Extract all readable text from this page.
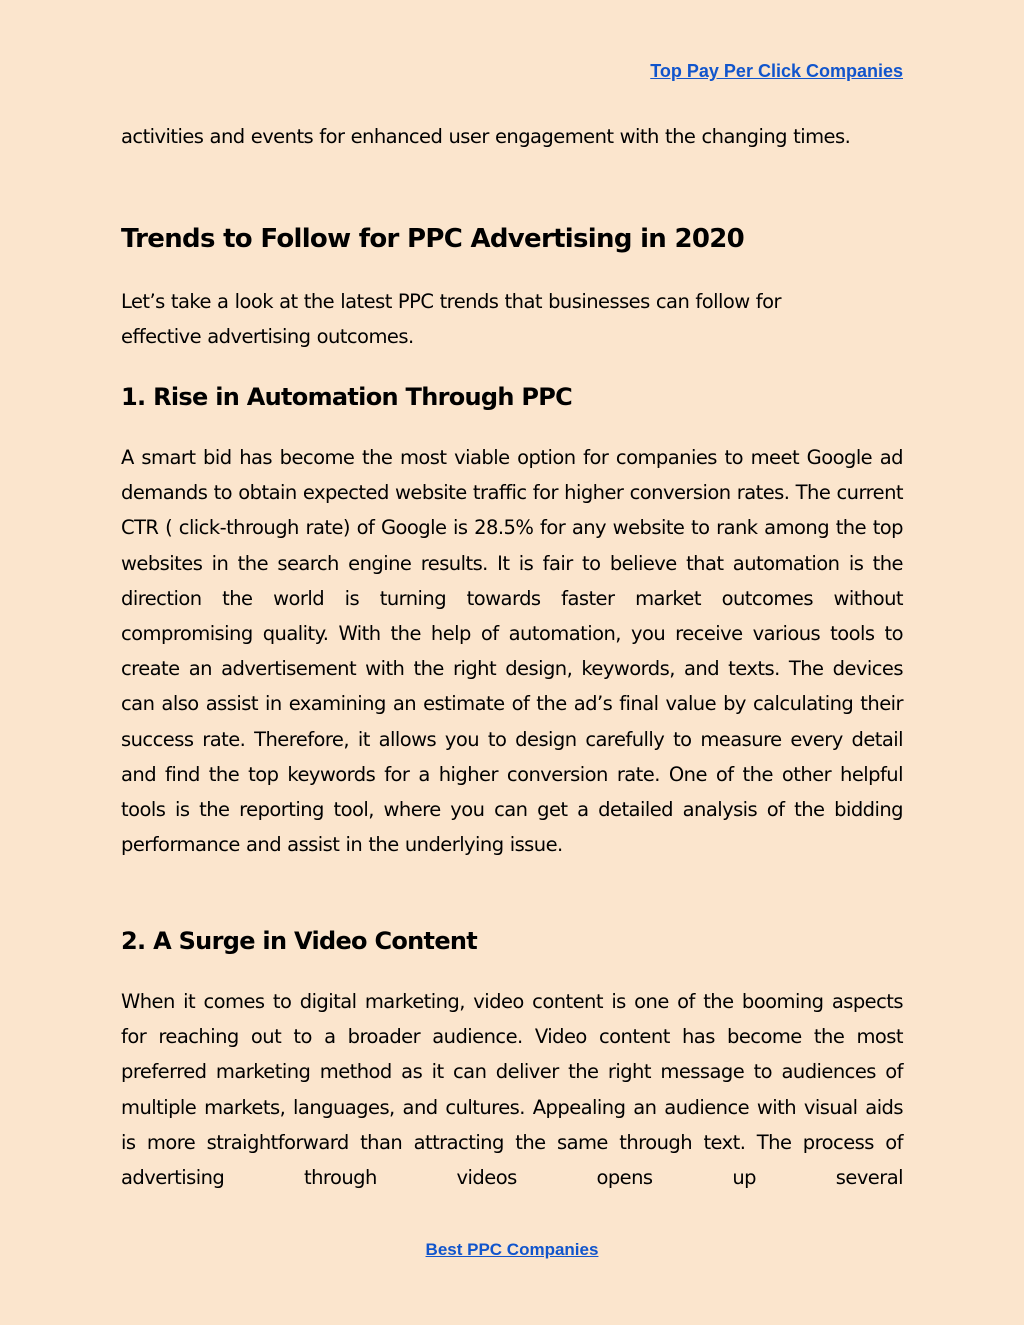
Top Pay Per Click Companies

activities and events for enhanced user engagement with the changing times.

Trends to Follow for PPC Advertising in 2020

Let’s take a look at the latest PPC trends that businesses can follow for effective advertising outcomes.

1. Rise in Automation Through PPC

A smart bid has become the most viable option for companies to meet Google ad demands to obtain expected website traffic for higher conversion rates. The current CTR ( click-through rate) of Google is 28.5% for any website to rank among the top websites in the search engine results. It is fair to believe that automation is the direction the world is turning towards faster market outcomes without compromising quality. With the help of automation, you receive various tools to create an advertisement with the right design, keywords, and texts. The devices can also assist in examining an estimate of the ad’s final value by calculating their success rate. Therefore, it allows you to design carefully to measure every detail and find the top keywords for a higher conversion rate. One of the other helpful tools is the reporting tool, where you can get a detailed analysis of the bidding performance and assist in the underlying issue.

2. A Surge in Video Content

When it comes to digital marketing, video content is one of the booming aspects for reaching out to a broader audience. Video content has become the most preferred marketing method as it can deliver the right message to audiences of multiple markets, languages, and cultures. Appealing an audience with visual aids is more straightforward than attracting the same through text. The process of advertising through videos opens up several

Best PPC Companies
